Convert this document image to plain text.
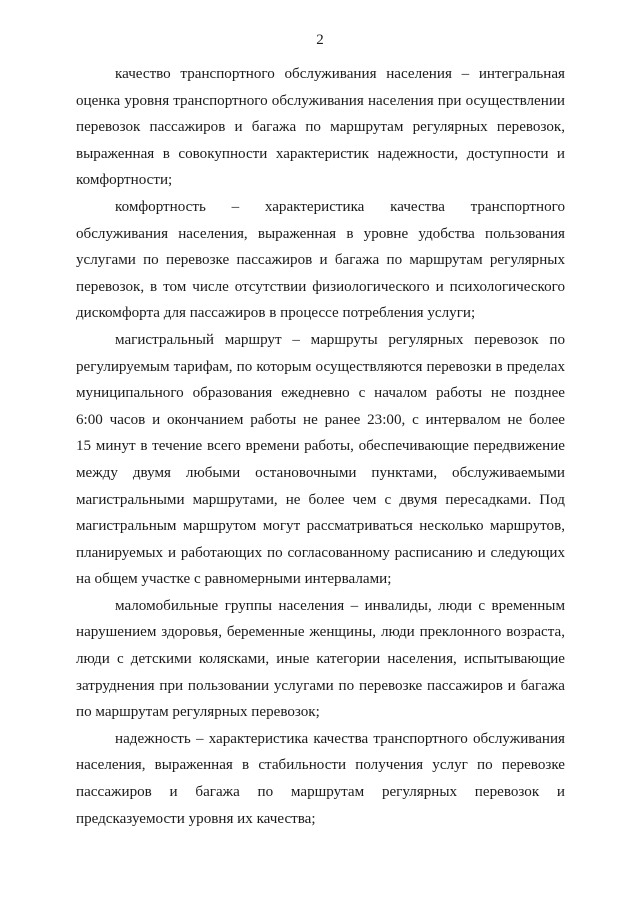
2
качество транспортного обслуживания населения – интегральная
оценка уровня транспортного обслуживания населения при осуществлении
перевозок пассажиров и багажа по маршрутам регулярных перевозок,
выраженная в совокупности характеристик надежности, доступности и
комфортности;
комфортность – характеристика качества транспортного
обслуживания населения, выраженная в уровне удобства пользования
услугами по перевозке пассажиров и багажа по маршрутам регулярных
перевозок, в том числе отсутствии физиологического и психологического
дискомфорта для пассажиров в процессе потребления услуги;
магистральный маршрут – маршруты регулярных перевозок по
регулируемым тарифам, по которым осуществляются перевозки в пределах
муниципального образования ежедневно с началом работы не позднее
6:00 часов и окончанием работы не ранее 23:00, с интервалом не более
15 минут в течение всего времени работы, обеспечивающие передвижение
между двумя любыми остановочными пунктами, обслуживаемыми
магистральными маршрутами, не более чем с двумя пересадками. Под
магистральным маршрутом могут рассматриваться несколько маршрутов,
планируемых и работающих по согласованному расписанию и следующих
на общем участке с равномерными интервалами;
маломобильные группы населения – инвалиды, люди с временным
нарушением здоровья, беременные женщины, люди преклонного возраста,
люди с детскими колясками, иные категории населения, испытывающие
затруднения при пользовании услугами по перевозке пассажиров и багажа
по маршрутам регулярных перевозок;
надежность – характеристика качества транспортного обслуживания
населения, выраженная в стабильности получения услуг по перевозке
пассажиров и багажа по маршрутам регулярных перевозок и
предсказуемости уровня их качества;
